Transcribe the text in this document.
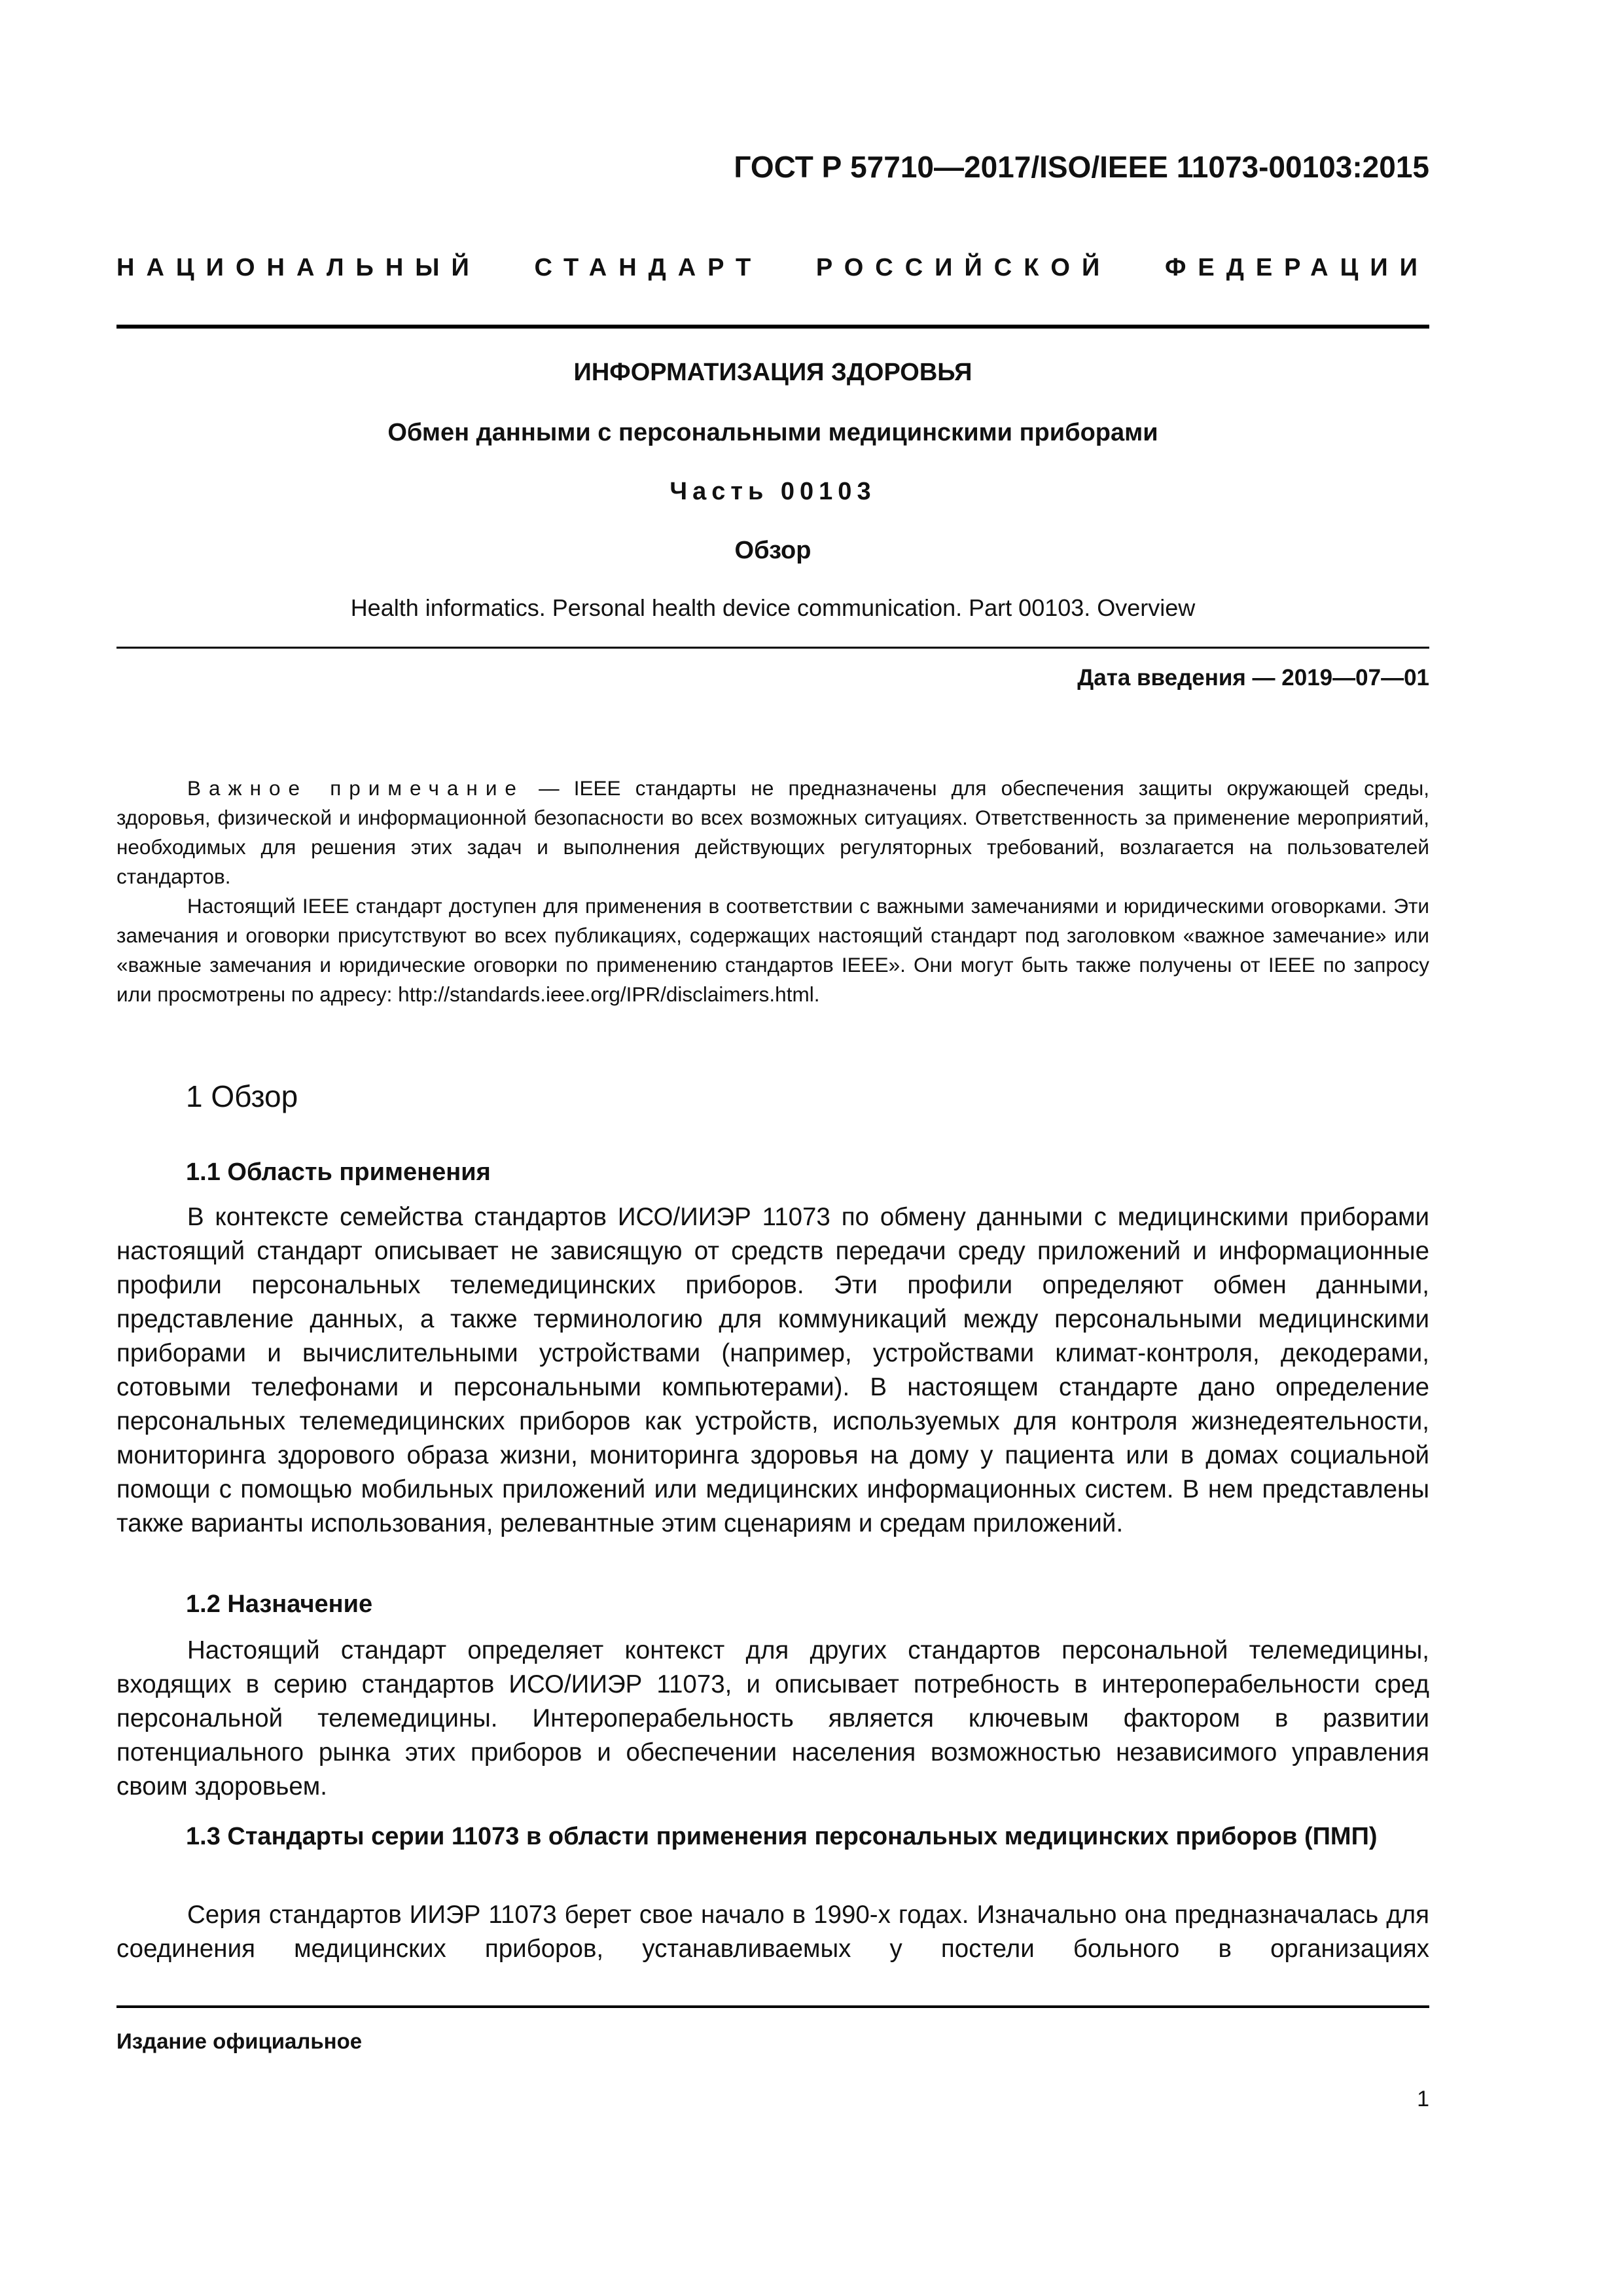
ГОСТ Р 57710—2017/ISO/IEEE 11073-00103:2015
НАЦИОНАЛЬНЫЙ СТАНДАРТ РОССИЙСКОЙ ФЕДЕРАЦИИ
ИНФОРМАТИЗАЦИЯ ЗДОРОВЬЯ
Обмен данными с персональными медицинскими приборами
Часть 00103
Обзор
Health informatics. Personal health device communication. Part 00103. Overview
Дата введения — 2019—07—01

Важное примечание — IEEE стандарты не предназначены для обеспечения защиты окружающей среды, здоровья, физической и информационной безопасности во всех возможных ситуациях. Ответственность за применение мероприятий, необходимых для решения этих задач и выполнения действующих регуляторных требований, возлагается на пользователей стандартов.

Настоящий IEEE стандарт доступен для применения в соответствии с важными замечаниями и юридическими оговорками. Эти замечания и оговорки присутствуют во всех публикациях, содержащих настоящий стандарт под заголовком «важное замечание» или «важные замечания и юридические оговорки по применению стандартов IEEE». Они могут быть также получены от IEEE по запросу или просмотрены по адресу: http://standards.ieee.org/IPR/disclaimers.html.

1 Обзор
1.1 Область применения

В контексте семейства стандартов ИСО/ИИЭР 11073 по обмену данными с медицинскими приборами настоящий стандарт описывает не зависящую от средств передачи среду приложений и информационные профили персональных телемедицинских приборов. Эти профили определяют обмен данными, представление данных, а также терминологию для коммуникаций между персональными медицинскими приборами и вычислительными устройствами (например, устройствами климат-контроля, декодерами, сотовыми телефонами и персональными компьютерами). В настоящем стандарте дано определение персональных телемедицинских приборов как устройств, используемых для контроля жизнедеятельности, мониторинга здорового образа жизни, мониторинга здоровья на дому у пациента или в домах социальной помощи с помощью мобильных приложений или медицинских информационных систем. В нем представлены также варианты использования, релевантные этим сценариям и средам приложений.

1.2 Назначение

Настоящий стандарт определяет контекст для других стандартов персональной телемедицины, входящих в серию стандартов ИСО/ИИЭР 11073, и описывает потребность в интероперабельности сред персональной телемедицины. Интероперабельность является ключевым фактором в развитии потенциального рынка этих приборов и обеспечении населения возможностью независимого управления своим здоровьем.

1.3 Стандарты серии 11073 в области применения персональных медицинских приборов (ПМП)

Серия стандартов ИИЭР 11073 берет свое начало в 1990-х годах. Изначально она предназначалась для соединения медицинских приборов, устанавливаемых у постели больного в организациях

Издание официальное
1
